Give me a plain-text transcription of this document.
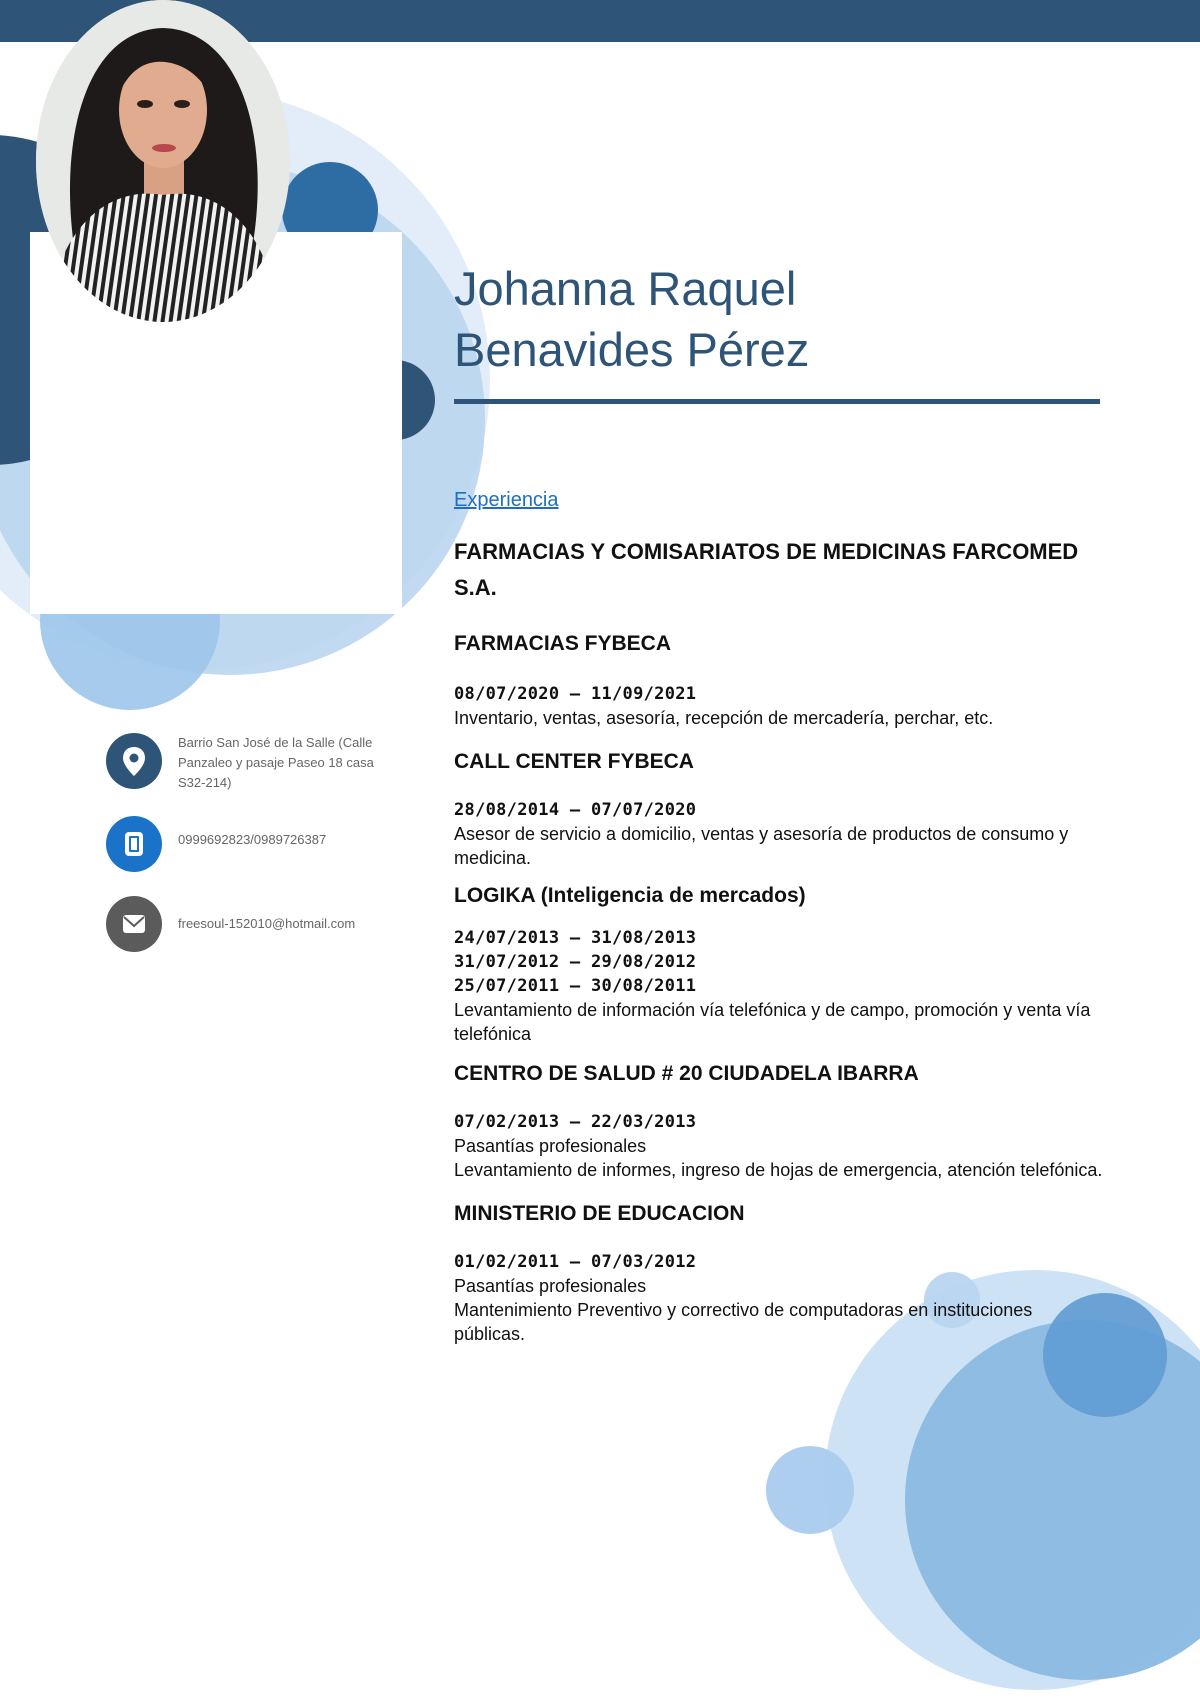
Johanna Raquel
Benavides Pérez
Barrio San José de la Salle (Calle Panzaleo y pasaje Paseo 18 casa S32-214)
0999692823/0989726387
freesoul-152010@hotmail.com
Experiencia
FARMACIAS Y COMISARIATOS DE MEDICINAS FARCOMED S.A.
FARMACIAS FYBECA
08/07/2020 – 11/09/2021
Inventario, ventas, asesoría, recepción de mercadería, perchar, etc.
CALL CENTER FYBECA
28/08/2014 – 07/07/2020
Asesor de servicio a domicilio, ventas y asesoría de productos de consumo y medicina.
LOGIKA (Inteligencia de mercados)
24/07/2013 – 31/08/2013
31/07/2012 – 29/08/2012
25/07/2011 – 30/08/2011
Levantamiento de información vía telefónica y de campo, promoción y venta vía telefónica
CENTRO DE SALUD # 20 CIUDADELA IBARRA
07/02/2013 – 22/03/2013
Pasantías profesionales
Levantamiento de informes, ingreso de hojas de emergencia, atención telefónica.
MINISTERIO DE EDUCACION
01/02/2011 – 07/03/2012
Pasantías profesionales
Mantenimiento Preventivo y correctivo de computadoras en instituciones públicas.
